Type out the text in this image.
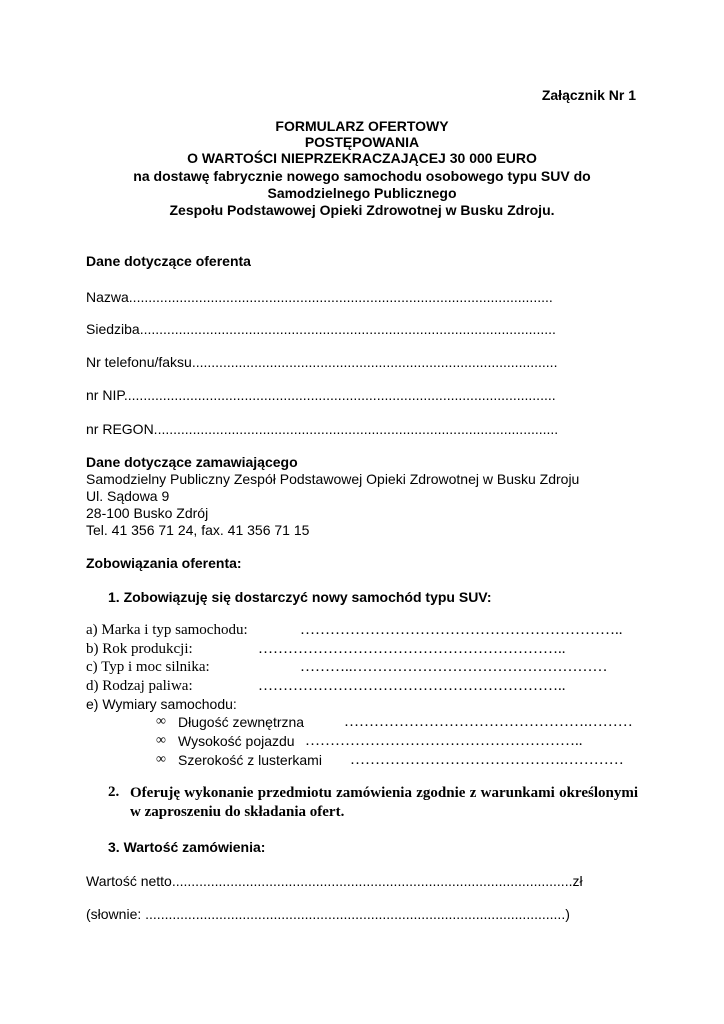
Załącznik Nr 1
FORMULARZ OFERTOWY
POSTĘPOWANIA
O WARTOŚCI NIEPRZEKRACZAJĄCEJ 30 000 EURO
na dostawę fabrycznie nowego samochodu osobowego typu SUV do
Samodzielnego Publicznego
Zespołu Podstawowej Opieki Zdrowotnej w Busku Zdroju.
Dane dotyczące oferenta
Nazwa.............................................................................................................
Siedziba...........................................................................................................
Nr telefonu/faksu..............................................................................................
nr NIP...............................................................................................................
nr REGON........................................................................................................
Dane dotyczące zamawiającego
Samodzielny Publiczny Zespół Podstawowej Opieki Zdrowotnej w Busku Zdroju
Ul. Sądowa 9
28-100 Busko Zdrój
Tel. 41 356 71 24, fax. 41 356 71 15
Zobowiązania oferenta:
1. Zobowiązuję się dostarczyć nowy samochód typu SUV:
a) Marka i typ samochodu:	………………………………………………………..
b) Rok produkcji:	……………………………………………………..
c) Typ i moc silnika:	………..……………………………………………
d) Rodzaj paliwa:	……………………………………………………..
e) Wymiary samochodu:
∞ Długość zewnętrzna	………………………………………….………
∞ Wysokość pojazdu ………………………………………………..
∞ Szerokość z lusterkami …………………………………….…………
2. Oferuję wykonanie przedmiotu zamówienia zgodnie z warunkami określonymi w zaproszeniu do składania ofert.
3. Wartość zamówienia:
Wartość netto.......................................................................................................zł
(słownie: ............................................................................................................)
